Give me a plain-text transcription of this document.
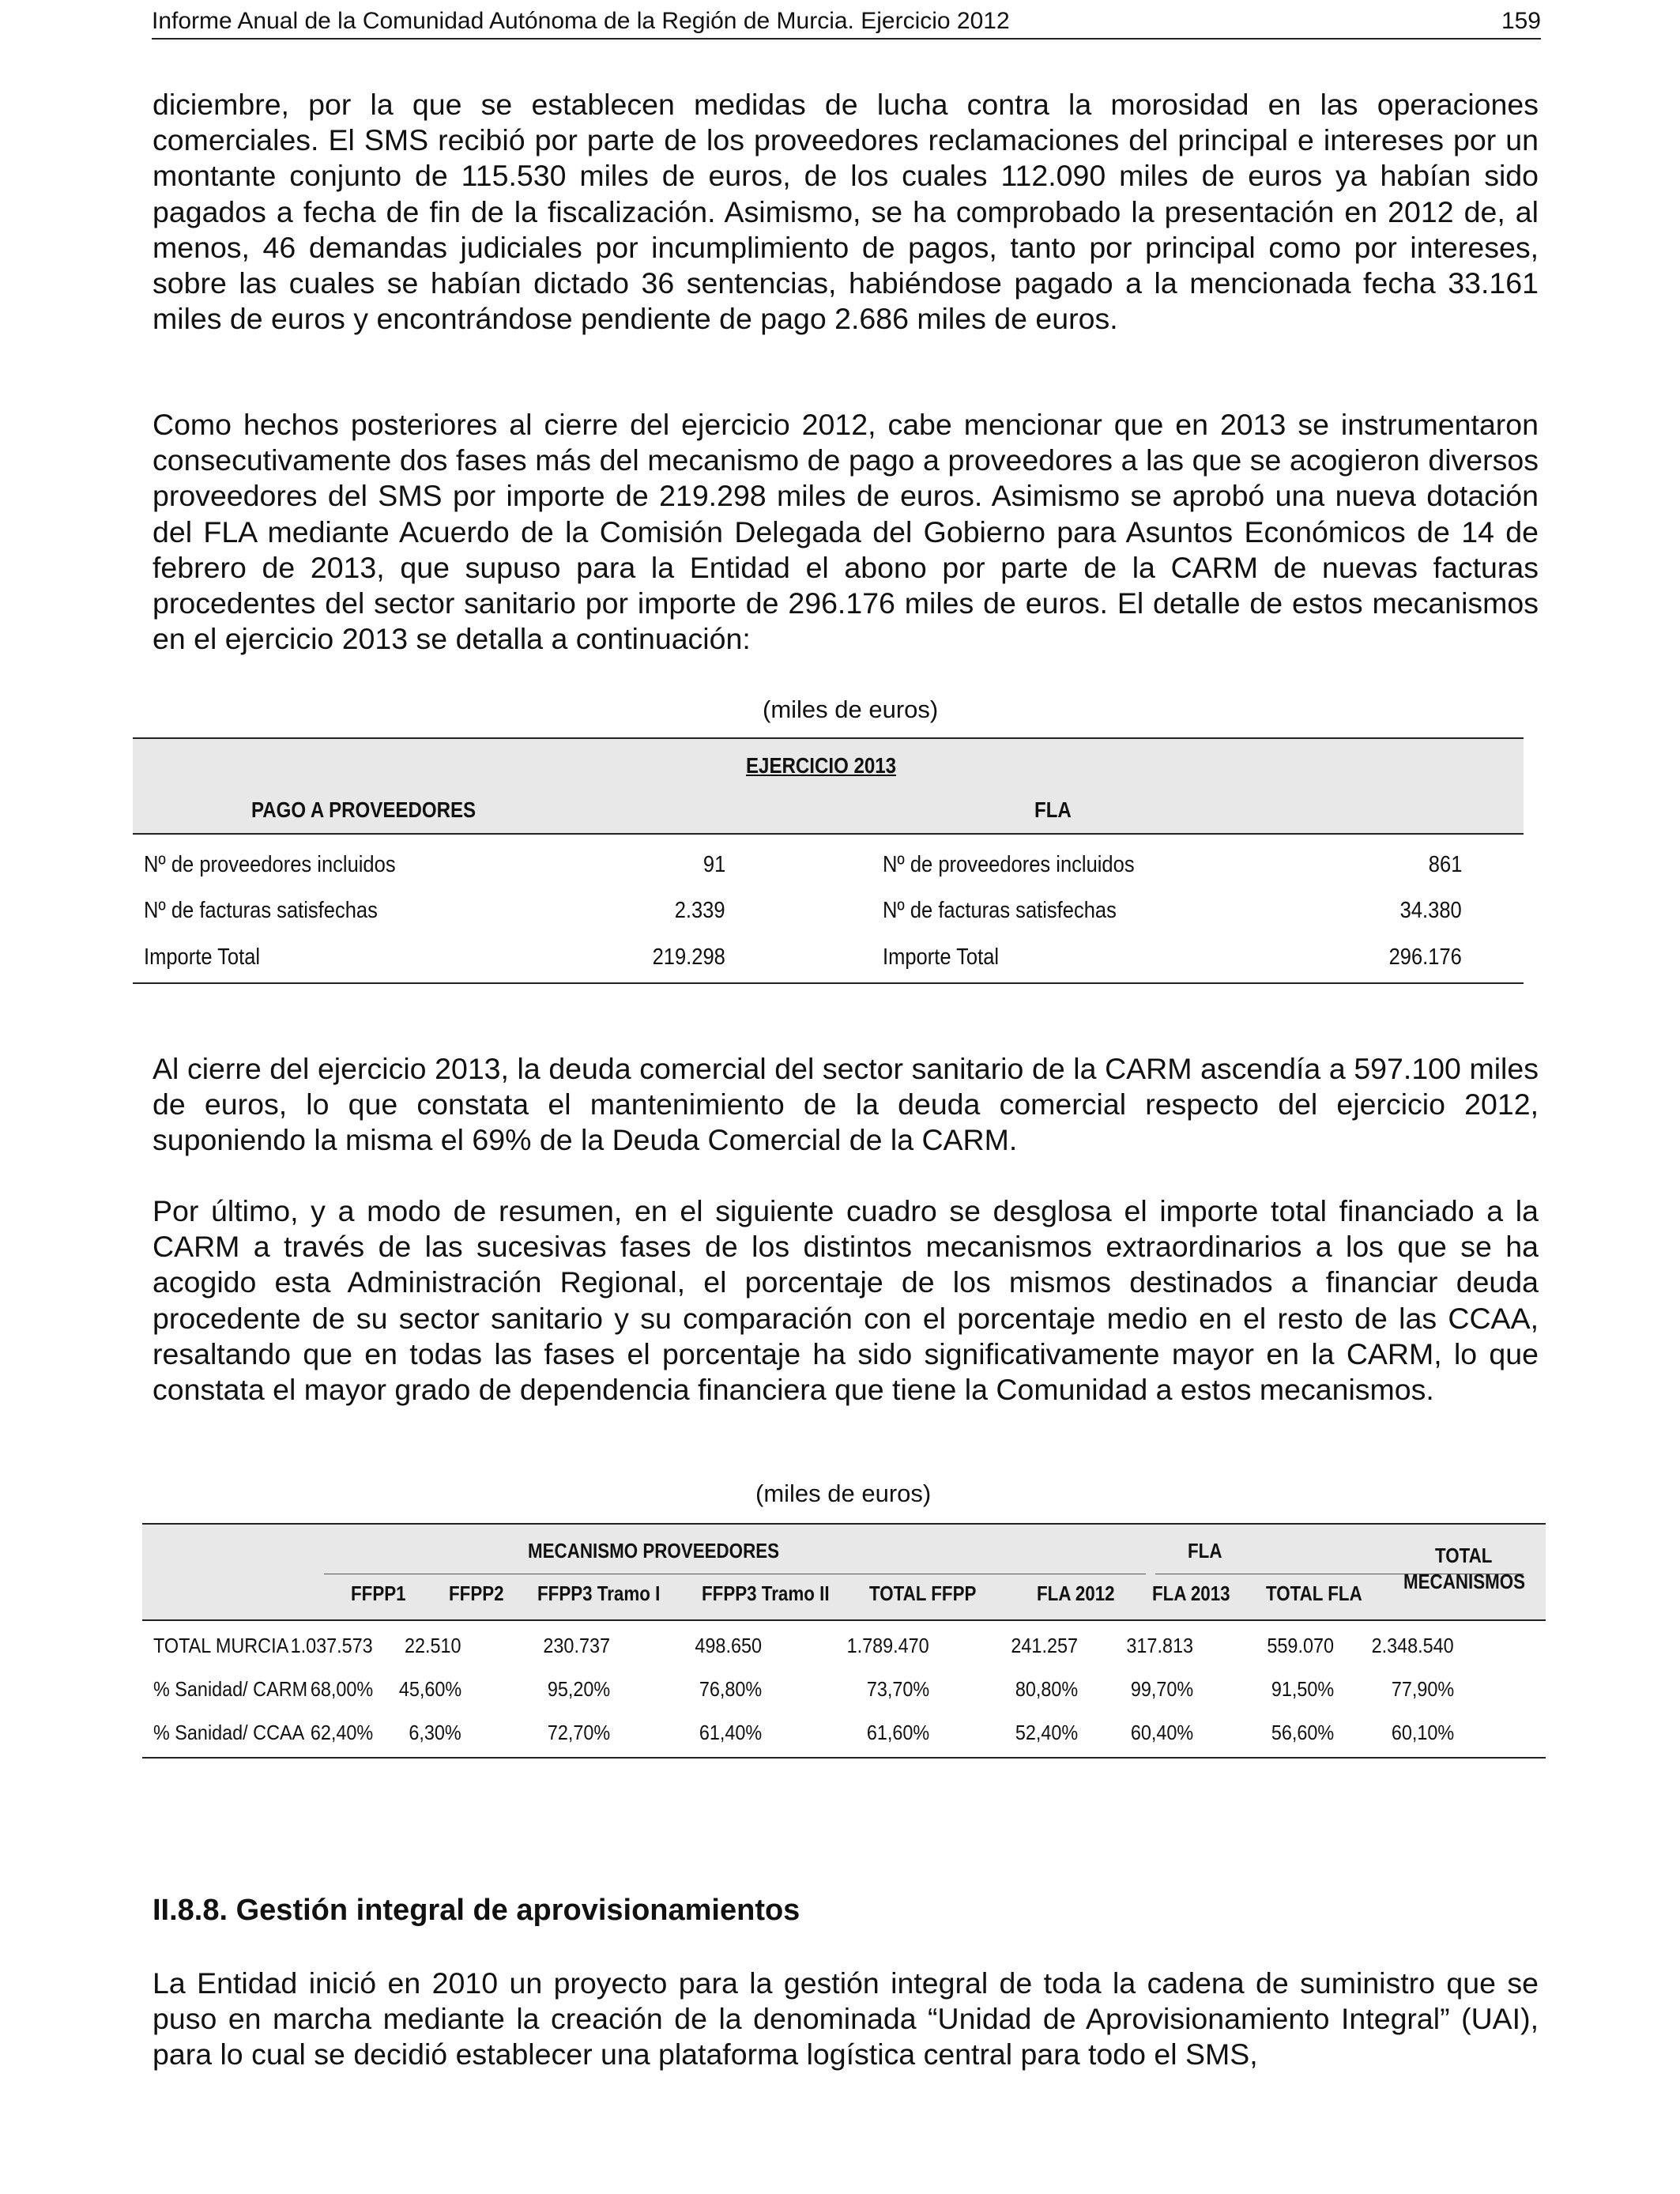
Informe Anual de la Comunidad Autónoma de la Región de Murcia. Ejercicio 2012	159

diciembre, por la que se establecen medidas de lucha contra la morosidad en las operaciones comerciales. El SMS recibió por parte de los proveedores reclamaciones del principal e intereses por un montante conjunto de 115.530 miles de euros, de los cuales 112.090 miles de euros ya habían sido pagados a fecha de fin de la fiscalización. Asimismo, se ha comprobado la presentación en 2012 de, al menos, 46 demandas judiciales por incumplimiento de pagos, tanto por principal como por intereses, sobre las cuales se habían dictado 36 sentencias, habiéndose pagado a la mencionada fecha 33.161 miles de euros y encontrándose pendiente de pago 2.686 miles de euros.

Como hechos posteriores al cierre del ejercicio 2012, cabe mencionar que en 2013 se instrumentaron consecutivamente dos fases más del mecanismo de pago a proveedores a las que se acogieron diversos proveedores del SMS por importe de 219.298 miles de euros. Asimismo se aprobó una nueva dotación del FLA mediante Acuerdo de la Comisión Delegada del Gobierno para Asuntos Económicos de 14 de febrero de 2013, que supuso para la Entidad el abono por parte de la CARM de nuevas facturas procedentes del sector sanitario por importe de 296.176 miles de euros. El detalle de estos mecanismos en el ejercicio 2013 se detalla a continuación:

(miles de euros)
EJERCICIO 2013
PAGO A PROVEEDORES	FLA
Nº de proveedores incluidos	91	Nº de proveedores incluidos	861
Nº de facturas satisfechas	2.339	Nº de facturas satisfechas	34.380
Importe Total	219.298	Importe Total	296.176

Al cierre del ejercicio 2013, la deuda comercial del sector sanitario de la CARM ascendía a 597.100 miles de euros, lo que constata el mantenimiento de la deuda comercial respecto del ejercicio 2012, suponiendo la misma el 69% de la Deuda Comercial de la CARM.

Por último, y a modo de resumen, en el siguiente cuadro se desglosa el importe total financiado a la CARM a través de las sucesivas fases de los distintos mecanismos extraordinarios a los que se ha acogido esta Administración Regional, el porcentaje de los mismos destinados a financiar deuda procedente de su sector sanitario y su comparación con el porcentaje medio en el resto de las CCAA, resaltando que en todas las fases el porcentaje ha sido significativamente mayor en la CARM, lo que constata el mayor grado de dependencia financiera que tiene la Comunidad a estos mecanismos.

(miles de euros)
MECANISMO PROVEEDORES	FLA	TOTAL
MECANISMOS
FFPP1 FFPP2 FFPP3 Tramo I FFPP3 Tramo II TOTAL FFPP	FLA 2012 FLA 2013 TOTAL FLA
TOTAL MURCIA 1.037.573 22.510	230.737	498.650	1.789.470	241.257 317.813	559.070 2.348.540
% Sanidad/ CARM 68,00% 45,60%	95,20%	76,80%	73,70%	80,80%	99,70%	91,50%	77,90%
% Sanidad/ CCAA 62,40% 6,30%	72,70%	61,40%	61,60%	52,40%	60,40%	56,60%	60,10%
II.8.8. Gestión integral de aprovisionamientos

La Entidad inició en 2010 un proyecto para la gestión integral de toda la cadena de suministro que se puso en marcha mediante la creación de la denominada “Unidad de Aprovisionamiento Integral” (UAI), para lo cual se decidió establecer una plataforma logística central para todo el SMS,
